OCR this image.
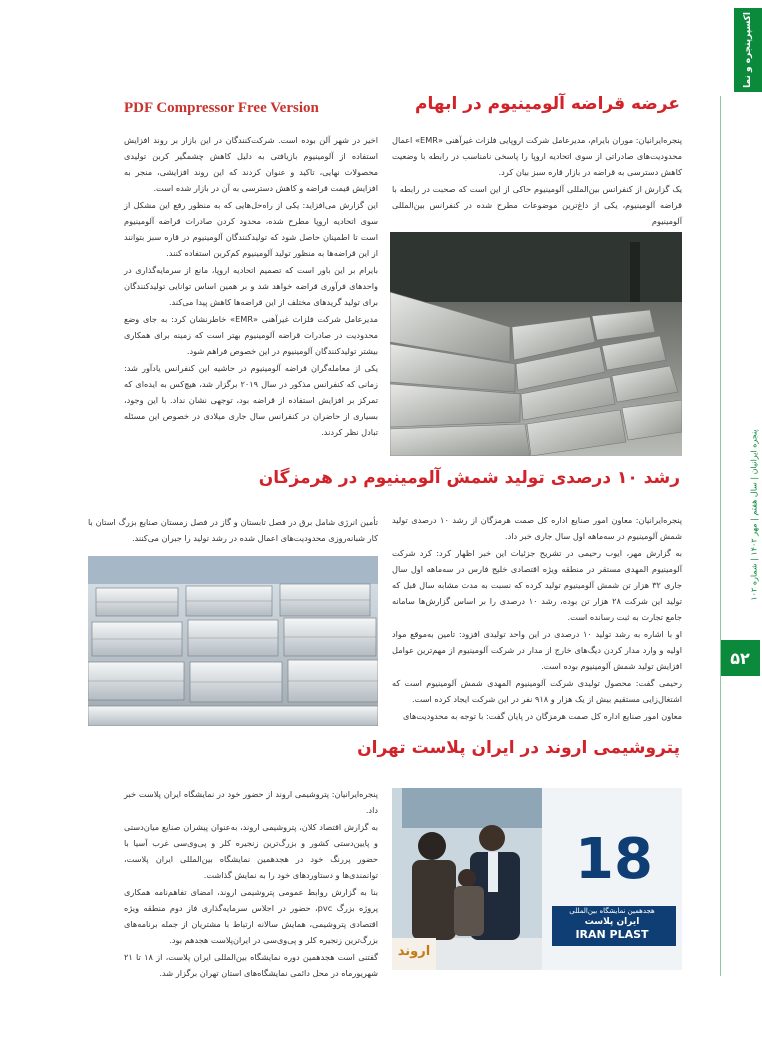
اکسپرپنجره و نما
پنجره ایرانیان | سال هفتم | مهر ۱۴۰۲ | شماره ۱۰۲
۵۲
PDF Compressor Free Version	عرضه قراضه آلومینیوم در ابهام

پنجره‌ایرانیان: موران بایرام، مدیرعامل شرکت اروپایی فلزات غیرآهنی «EMR» اعمال محدودیت‌های صادراتی از سوی اتحادیه اروپا را پاسخی نامناسب در رابطه با وضعیت کاهش دسترسی به قراضه در بازار قاره سبز بیان کرد.

یک گزارش از کنفرانس بین‌المللی آلومینیوم حاکی از این است که صحبت در رابطه با قراضه آلومینیوم، یکی از داغ‌ترین موضوعات مطرح شده در کنفرانس بین‌المللی آلومینیوم

اخیر در شهر آلن بوده است. شرکت‌کنندگان در این بازار بر روند افزایش استفاده از آلومینیوم بازیافتی به دلیل کاهش چشمگیر کربن تولیدی محصولات نهایی، تاکید و عنوان کردند که این روند افزایشی، منجر به افزایش قیمت قراضه و کاهش دسترسی به آن در بازار شده است.

این گزارش می‌افزاید: یکی از راه‌حل‌هایی که به منظور رفع این مشکل از سوی اتحادیه اروپا مطرح شده، محدود کردن صادرات قراضه آلومینیوم است تا اطمینان حاصل شود که تولیدکنندگان آلومینیوم در قاره سبز بتوانند از این قراضه‌ها به منظور تولید آلومینیوم کم‌کربن استفاده کنند.

بایرام بر این باور است که تصمیم اتحادیه اروپا، مانع از سرمایه‌گذاری در واحدهای فرآوری قراضه خواهد شد و بر همین اساس توانایی تولیدکنندگان برای تولید گریدهای مختلف از این قراضه‌ها کاهش پیدا می‌کند.

مدیرعامل شرکت فلزات غیرآهنی «EMR» خاطرنشان کرد: به جای وضع محدودیت در صادرات قراضه آلومینیوم بهتر است که زمینه برای همکاری بیشتر تولیدکنندگان آلومینیوم در این خصوص فراهم شود.

یکی از معامله‌گران قراضه آلومینیوم در حاشیه این کنفرانس یادآور شد: زمانی که کنفرانس مذکور در سال ۲۰۱۹ برگزار شد، هیچ‌کس به ایده‌ای که تمرکز بر افزایش استفاده از قراضه بود، توجهی نشان نداد. با این وجود، بسیاری از حاضران در کنفرانس سال جاری میلادی در خصوص این مسئله تبادل نظر کردند.

رشد ۱۰ درصدی تولید شمش آلومینیوم در هرمزگان

پنجره‌ایرانیان: معاون امور صنایع اداره کل صمت هرمزگان از رشد ۱۰ درصدی تولید شمش آلومینیوم در سه‌ماهه اول سال جاری خبر داد.

به گزارش مهر، ایوب رحیمی در تشریح جزئیات این خبر اظهار کرد: کرد شرکت آلومینیوم المهدی مستقر در منطقه ویژه اقتصادی خلیج فارس در سه‌ماهه اول سال جاری ۳۲ هزار تن شمش آلومینیوم تولید کرده که نسبت به مدت مشابه سال قبل که تولید این شرکت ۲۸ هزار تن بوده، رشد ۱۰ درصدی را بر اساس گزارش‌ها سامانه جامع تجارت به ثبت رسانده است.

او با اشاره به رشد تولید ۱۰ درصدی در این واحد تولیدی افزود: تامین به‌موقع مواد اولیه و وارد مدار کردن دیگ‌های خارج از مدار در شرکت آلومینیوم از مهم‌ترین عوامل افزایش تولید شمش آلومینیوم بوده است.

رحیمی گفت: محصول تولیدی شرکت آلومینیوم المهدی شمش آلومینیوم است که اشتغال‌زایی مستقیم بیش از یک هزار و ۹۱۸ نفر در این شرکت ایجاد کرده است.

معاون امور صنایع اداره کل صمت هرمزگان در پایان گفت: با توجه به محدودیت‌های

تأمین انرژی شامل برق در فصل تابستان و گاز در فصل زمستان صنایع بزرگ استان با کار شبانه‌روزی محدودیت‌های اعمال شده در رشد تولید را جبران می‌کنند.

پتروشیمی اروند در ایران پلاست تهران
18
هجدهمین نمایشگاه بین‌المللی
ایران پلاست
IRAN PLAST
اروند

پنجره‌ایرانیان: پتروشیمی اروند از حضور خود در نمایشگاه ایران پلاست خبر داد.

به گزارش اقتصاد کلان، پتروشیمی اروند، به‌عنوان پیشران صنایع میان‌دستی و پایین‌دستی کشور و بزرگ‌ترین زنجیره کلر و پی‌وی‌سی غرب آسیا با حضور پررنگ خود در هجدهمین نمایشگاه بین‌المللی ایران پلاست، توانمندی‌ها و دستاوردهای خود را به نمایش گذاشت.

بنا به گزارش روابط عمومی پتروشیمی اروند، امضای تفاهم‌نامه همکاری پروژه بزرگ pvc، حضور در اجلاس سرمایه‌گذاری فاز دوم منطقه ویژه اقتصادی پتروشیمی، همایش سالانه ارتباط با مشتریان از جمله برنامه‌های بزرگ‌ترین زنجیره کلر و پی‌وی‌سی در ایران‌پلاست هجدهم بود.

گفتنی است هجدهمین دوره نمایشگاه بین‌المللی ایران پلاست، از ۱۸ تا ۲۱ شهریورماه در محل دائمی نمایشگاه‌های استان تهران برگزار شد.
